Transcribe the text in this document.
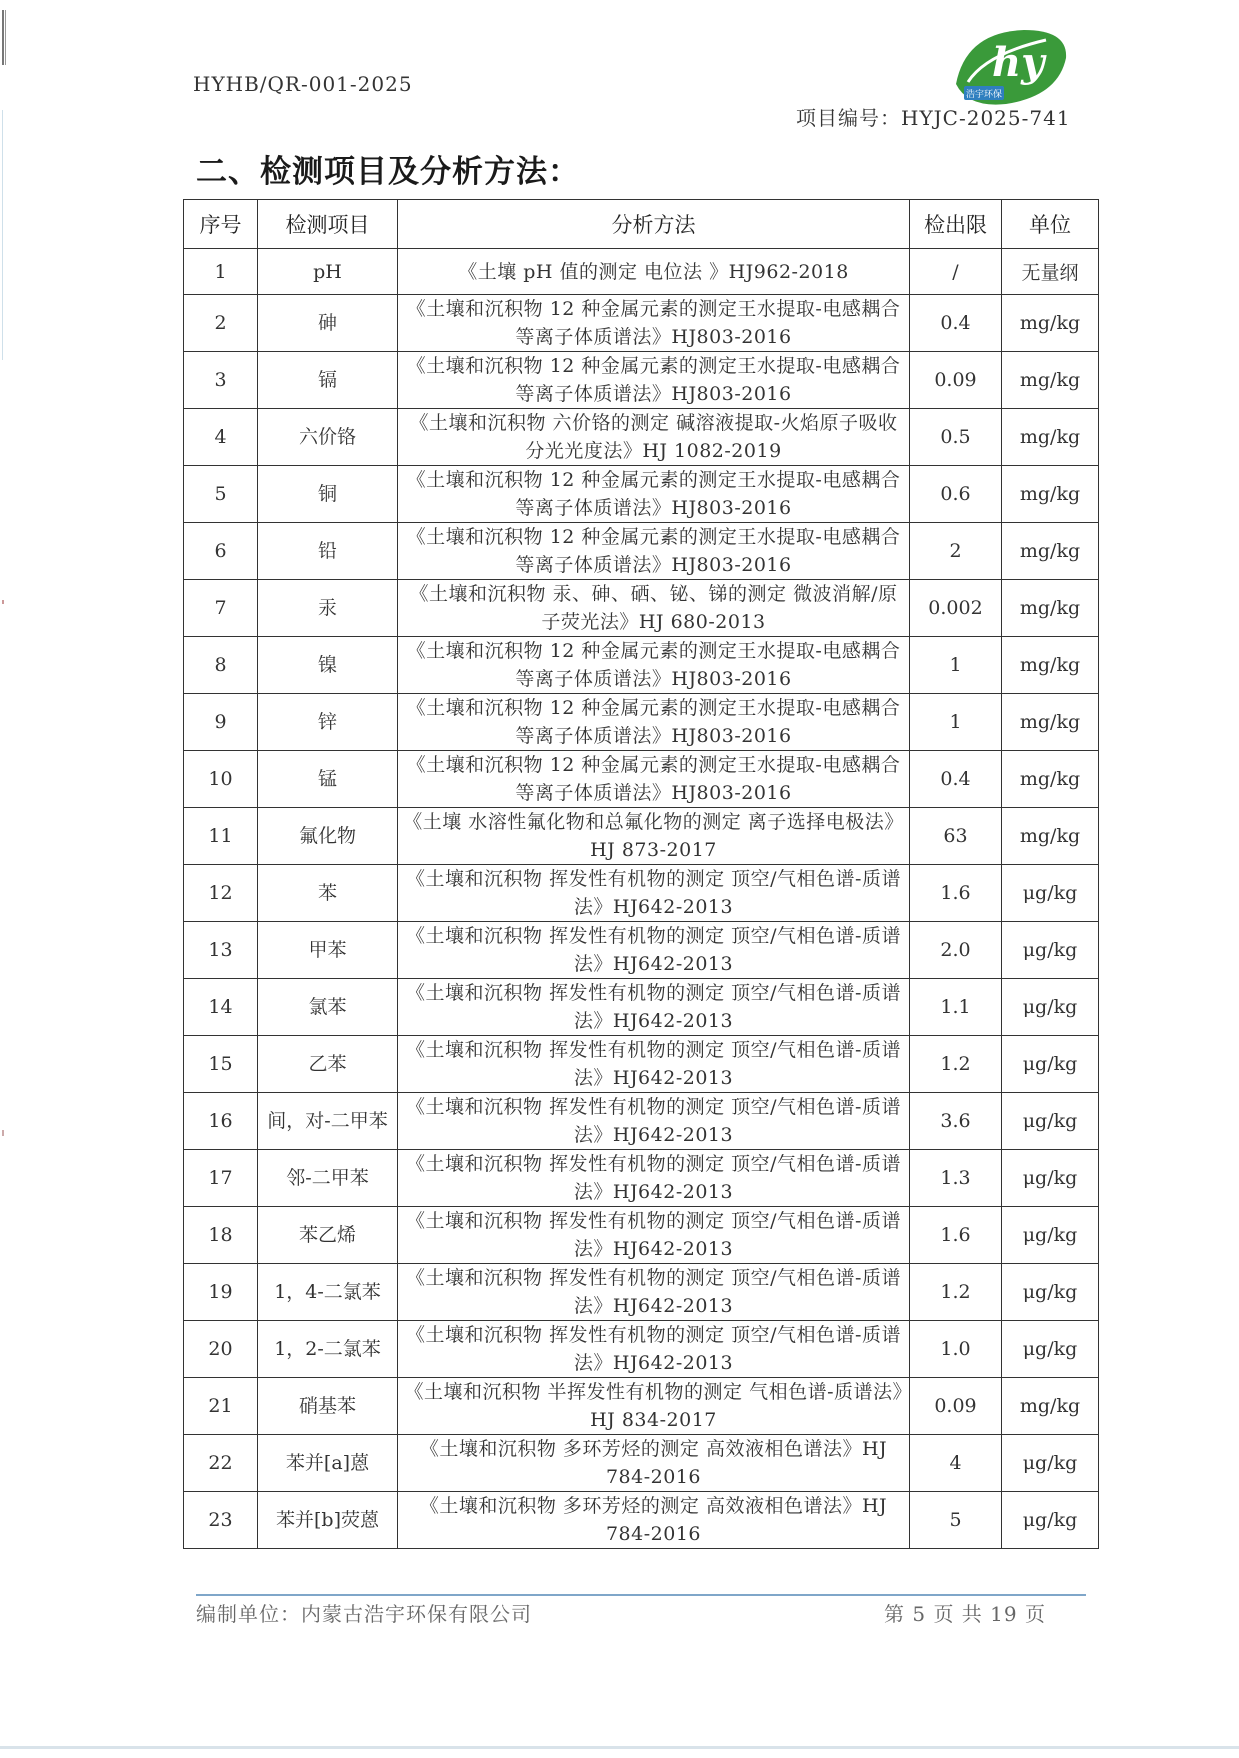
HYHB/QR-001-2025	hy
浩宇环保
项目编号：HYJC-2025-741
二、检测项目及分析方法：
序号	检测项目	分析方法	检出限	单位
1	pH	《土壤 pH 值的测定 电位法 》HJ962-2018	/	无量纲
2	砷	《土壤和沉积物 12 种金属元素的测定王水提取-电感耦合等离子体质谱法》HJ803-2016	0.4	mg/kg
3	镉	《土壤和沉积物 12 种金属元素的测定王水提取-电感耦合等离子体质谱法》HJ803-2016	0.09	mg/kg
4	六价铬	《土壤和沉积物 六价铬的测定 碱溶液提取-火焰原子吸收分光光度法》HJ 1082-2019	0.5	mg/kg
5	铜	《土壤和沉积物 12 种金属元素的测定王水提取-电感耦合等离子体质谱法》HJ803-2016	0.6	mg/kg
6	铅	《土壤和沉积物 12 种金属元素的测定王水提取-电感耦合等离子体质谱法》HJ803-2016	2	mg/kg
7	汞	《土壤和沉积物 汞、砷、硒、铋、锑的测定 微波消解/原子荧光法》HJ 680-2013	0.002	mg/kg
8	镍	《土壤和沉积物 12 种金属元素的测定王水提取-电感耦合等离子体质谱法》HJ803-2016	1	mg/kg
9	锌	《土壤和沉积物 12 种金属元素的测定王水提取-电感耦合等离子体质谱法》HJ803-2016	1	mg/kg
10	锰	《土壤和沉积物 12 种金属元素的测定王水提取-电感耦合等离子体质谱法》HJ803-2016	0.4	mg/kg
11	氟化物	《土壤 水溶性氟化物和总氟化物的测定 离子选择电极法》HJ 873-2017	63	mg/kg
12	苯	《土壤和沉积物 挥发性有机物的测定 顶空/气相色谱-质谱法》HJ642-2013	1.6	μg/kg
13	甲苯	《土壤和沉积物 挥发性有机物的测定 顶空/气相色谱-质谱法》HJ642-2013	2.0	μg/kg
14	氯苯	《土壤和沉积物 挥发性有机物的测定 顶空/气相色谱-质谱法》HJ642-2013	1.1	μg/kg
15	乙苯	《土壤和沉积物 挥发性有机物的测定 顶空/气相色谱-质谱法》HJ642-2013	1.2	μg/kg
16	间，对-二甲苯	《土壤和沉积物 挥发性有机物的测定 顶空/气相色谱-质谱法》HJ642-2013	3.6	μg/kg
17	邻-二甲苯	《土壤和沉积物 挥发性有机物的测定 顶空/气相色谱-质谱法》HJ642-2013	1.3	μg/kg
18	苯乙烯	《土壤和沉积物 挥发性有机物的测定 顶空/气相色谱-质谱法》HJ642-2013	1.6	μg/kg
19	1，4-二氯苯	《土壤和沉积物 挥发性有机物的测定 顶空/气相色谱-质谱法》HJ642-2013	1.2	μg/kg
20	1，2-二氯苯	《土壤和沉积物 挥发性有机物的测定 顶空/气相色谱-质谱法》HJ642-2013	1.0	μg/kg
21	硝基苯	《土壤和沉积物 半挥发性有机物的测定 气相色谱-质谱法》HJ 834-2017	0.09	mg/kg
22	苯并[a]蒽	《土壤和沉积物 多环芳烃的测定 高效液相色谱法》HJ 784-2016	4	μg/kg
23	苯并[b]荧蒽	《土壤和沉积物 多环芳烃的测定 高效液相色谱法》HJ 784-2016	5	μg/kg
编制单位：内蒙古浩宇环保有限公司	第 5 页 共 19 页
